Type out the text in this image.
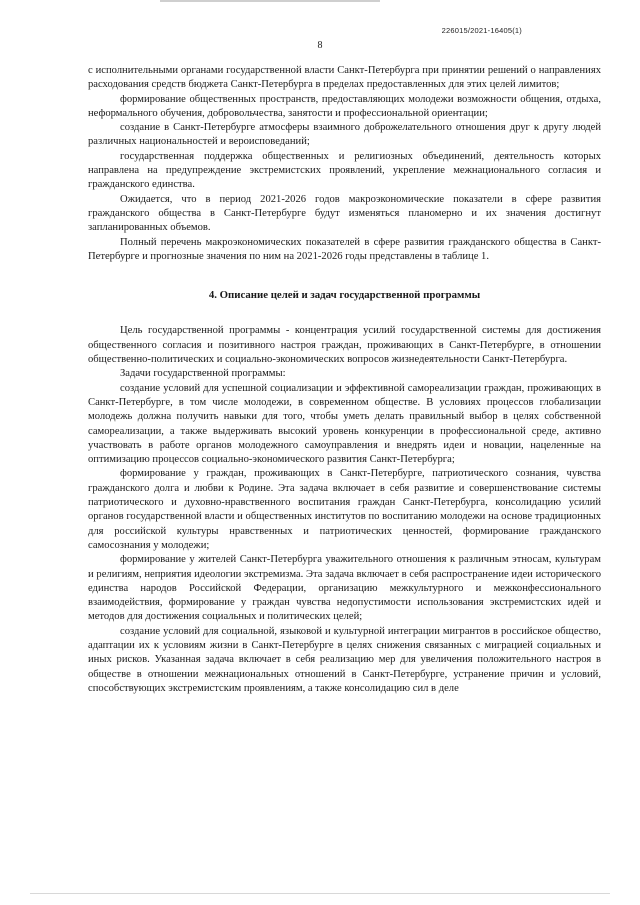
226015/2021-16405(1)
8

с исполнительными органами государственной власти Санкт-Петербурга при принятии решений о направлениях расходования средств бюджета Санкт-Петербурга в пределах предоставленных для этих целей лимитов;

формирование общественных пространств, предоставляющих молодежи возможности общения, отдыха, неформального обучения, добровольчества, занятости и профессиональной ориентации;

создание в Санкт-Петербурге атмосферы взаимного доброжелательного отношения друг к другу людей различных национальностей и вероисповеданий;

государственная поддержка общественных и религиозных объединений, деятельность которых направлена на предупреждение экстремистских проявлений, укрепление межнационального согласия и гражданского единства.

Ожидается, что в период 2021-2026 годов макроэкономические показатели в сфере развития гражданского общества в Санкт-Петербурге будут изменяться планомерно и их значения достигнут запланированных объемов.

Полный перечень макроэкономических показателей в сфере развития гражданского общества в Санкт-Петербурге и прогнозные значения по ним на 2021-2026 годы представлены в таблице 1.

4. Описание целей и задач государственной программы

Цель государственной программы - концентрация усилий государственной системы для достижения общественного согласия и позитивного настроя граждан, проживающих в Санкт-Петербурге, в отношении общественно-политических и социально-экономических вопросов жизнедеятельности Санкт-Петербурга.

Задачи государственной программы:

создание условий для успешной социализации и эффективной самореализации граждан, проживающих в Санкт-Петербурге, в том числе молодежи, в современном обществе. В условиях процессов глобализации молодежь должна получить навыки для того, чтобы уметь делать правильный выбор в целях собственной самореализации, а также выдерживать высокий уровень конкуренции в профессиональной среде, активно участвовать в работе органов молодежного самоуправления и внедрять идеи и новации, нацеленные на оптимизацию процессов социально-экономического развития Санкт-Петербурга;

формирование у граждан, проживающих в Санкт-Петербурге, патриотического сознания, чувства гражданского долга и любви к Родине. Эта задача включает в себя развитие и совершенствование системы патриотического и духовно-нравственного воспитания граждан Санкт-Петербурга, консолидацию усилий органов государственной власти и общественных институтов по воспитанию молодежи на основе традиционных для российской культуры нравственных и патриотических ценностей, формирование гражданского самосознания у молодежи;

формирование у жителей Санкт-Петербурга уважительного отношения к различным этносам, культурам и религиям, неприятия идеологии экстремизма. Эта задача включает в себя распространение идеи исторического единства народов Российской Федерации, организацию межкультурного и межконфессионального взаимодействия, формирование у граждан чувства недопустимости использования экстремистских идей и методов для достижения социальных и политических целей;

создание условий для социальной, языковой и культурной интеграции мигрантов в российское общество, адаптации их к условиям жизни в Санкт-Петербурге в целях снижения связанных с миграцией социальных и иных рисков. Указанная задача включает в себя реализацию мер для увеличения положительного настроя в обществе в отношении межнациональных отношений в Санкт-Петербурге, устранение причин и условий, способствующих экстремистским проявлениям, а также консолидацию сил в деле
